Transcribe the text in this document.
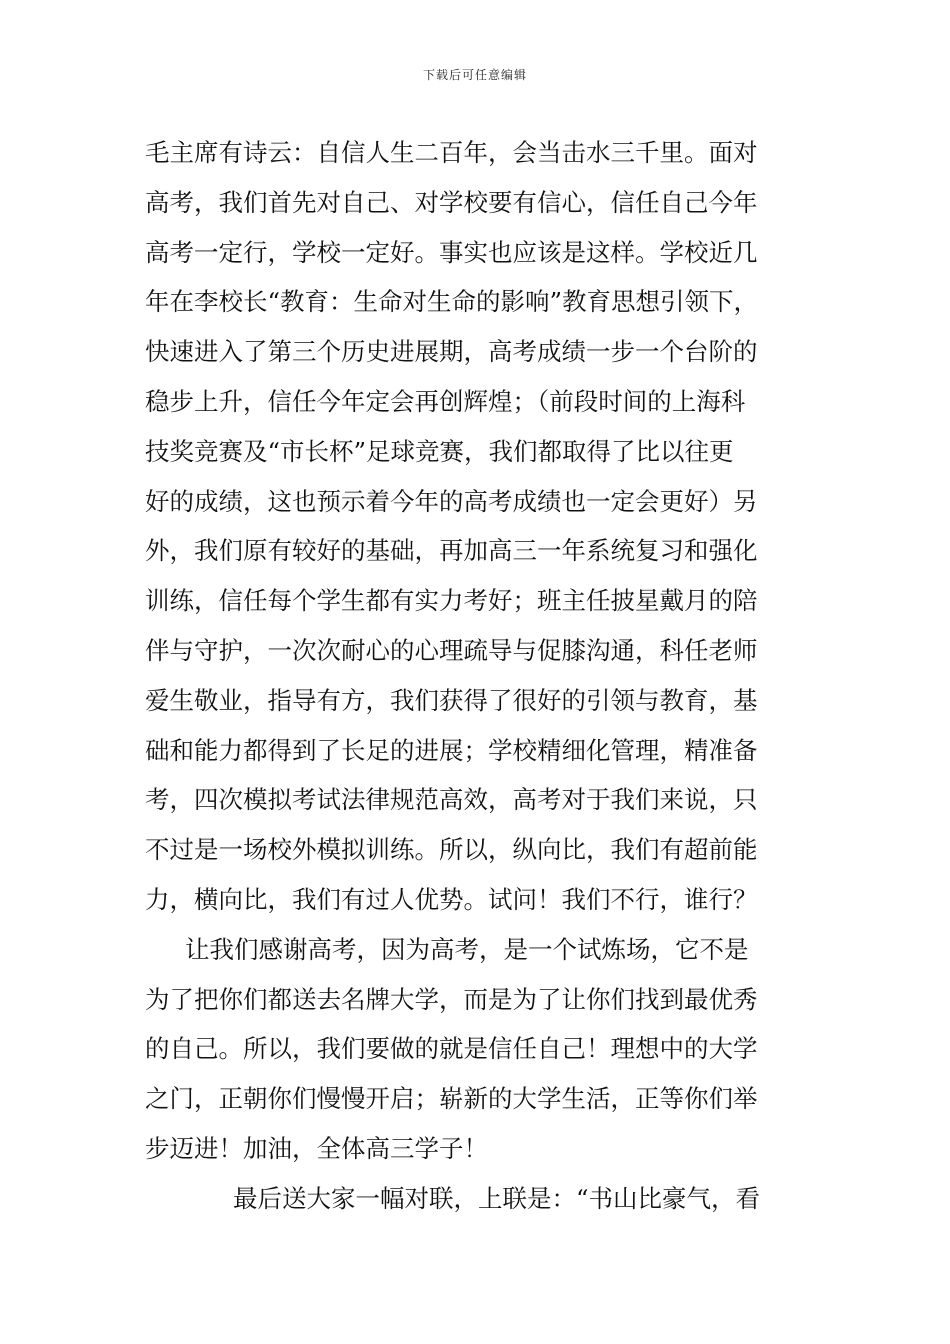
下载后可任意编辑
毛主席有诗云：自信人生二百年，会当击水三千里。面对
高考，我们首先对自己、对学校要有信心，信任自己今年
高考一定行，学校一定好。事实也应该是这样。学校近几
年在李校长“教育：生命对生命的影响”教育思想引领下，
快速进入了第三个历史进展期，高考成绩一步一个台阶的
稳步上升，信任今年定会再创辉煌；（前段时间的上海科
技奖竞赛及“市长杯”足球竞赛，我们都取得了比以往更
好的成绩，这也预示着今年的高考成绩也一定会更好）另
外，我们原有较好的基础，再加高三一年系统复习和强化
训练，信任每个学生都有实力考好；班主任披星戴月的陪
伴与守护，一次次耐心的心理疏导与促膝沟通，科任老师
爱生敬业，指导有方，我们获得了很好的引领与教育，基
础和能力都得到了长足的进展；学校精细化管理，精准备
考，四次模拟考试法律规范高效，高考对于我们来说，只
不过是一场校外模拟训练。所以，纵向比，我们有超前能
力，横向比，我们有过人优势。试问！我们不行，谁行？
让我们感谢高考，因为高考，是一个试炼场，它不是
为了把你们都送去名牌大学，而是为了让你们找到最优秀
的自己。所以，我们要做的就是信任自己！理想中的大学
之门，正朝你们慢慢开启；崭新的大学生活，正等你们举
步迈进！加油，全体高三学子！
最后送大家一幅对联，上联是：“书山比豪气，看
